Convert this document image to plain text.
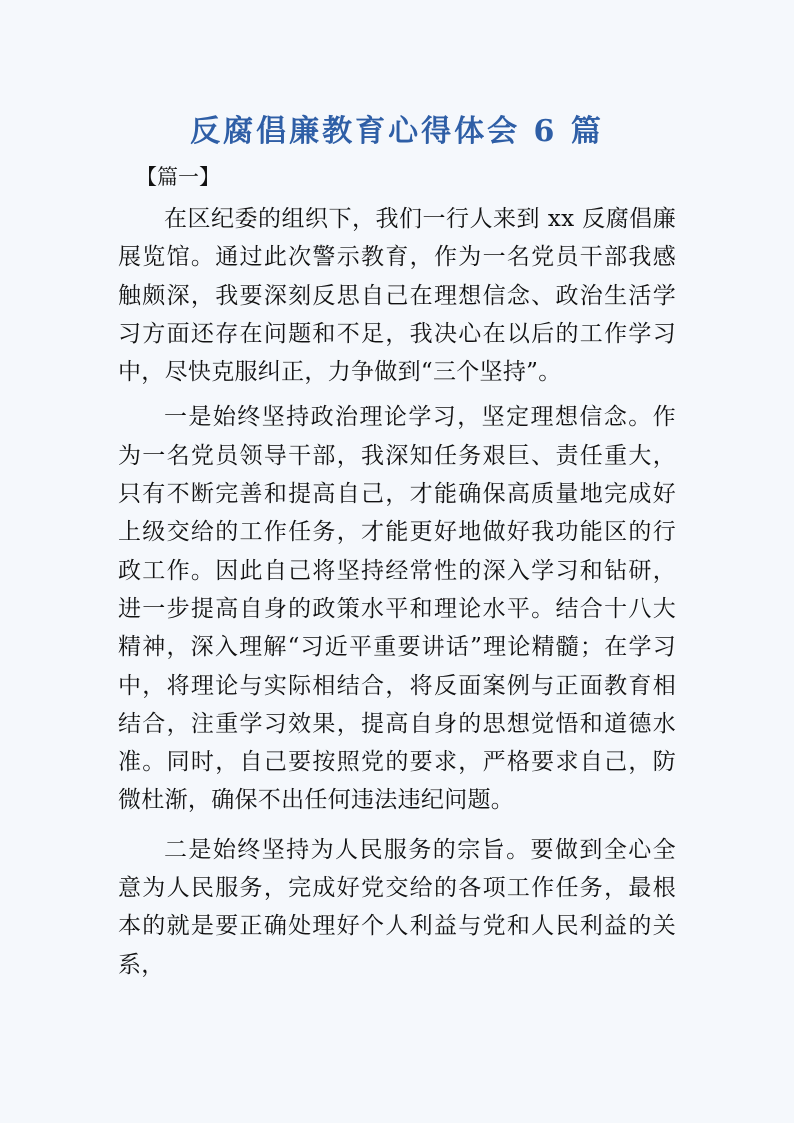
反腐倡廉教育心得体会 6 篇
【篇一】

在区纪委的组织下，我们一行人来到 xx 反腐倡廉展览馆。通过此次警示教育，作为一名党员干部我感触颇深，我要深刻反思自己在理想信念、政治生活学习方面还存在问题和不足，我决心在以后的工作学习中，尽快克服纠正，力争做到“三个坚持”。

一是始终坚持政治理论学习，坚定理想信念。作为一名党员领导干部，我深知任务艰巨、责任重大，只有不断完善和提高自己，才能确保高质量地完成好上级交给的工作任务，才能更好地做好我功能区的行政工作。因此自己将坚持经常性的深入学习和钻研，进一步提高自身的政策水平和理论水平。结合十八大精神，深入理解“习近平重要讲话”理论精髓；在学习中，将理论与实际相结合，将反面案例与正面教育相结合，注重学习效果，提高自身的思想觉悟和道德水准。同时，自己要按照党的要求，严格要求自己，防微杜渐，确保不出任何违法违纪问题。

二是始终坚持为人民服务的宗旨。要做到全心全意为人民服务，完成好党交给的各项工作任务，最根本的就是要正确处理好个人利益与党和人民利益的关系，
